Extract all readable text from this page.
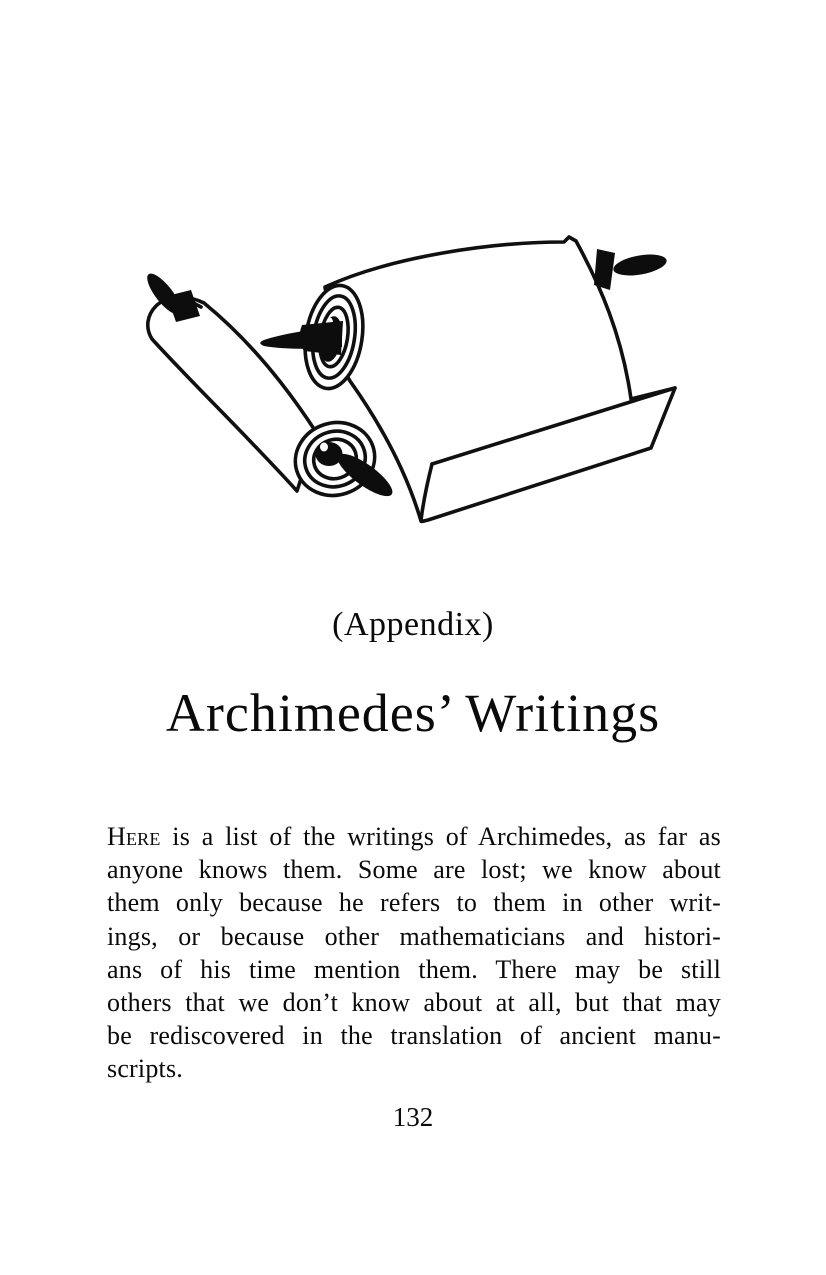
(Appendix)
Archimedes’ Writings
Here is a list of the writings of Archimedes, as far as
anyone knows them. Some are lost; we know about
them only because he refers to them in other writ-
ings, or because other mathematicians and histori-
ans of his time mention them. There may be still
others that we don’t know about at all, but that may
be rediscovered in the translation of ancient manu-
scripts.
132
